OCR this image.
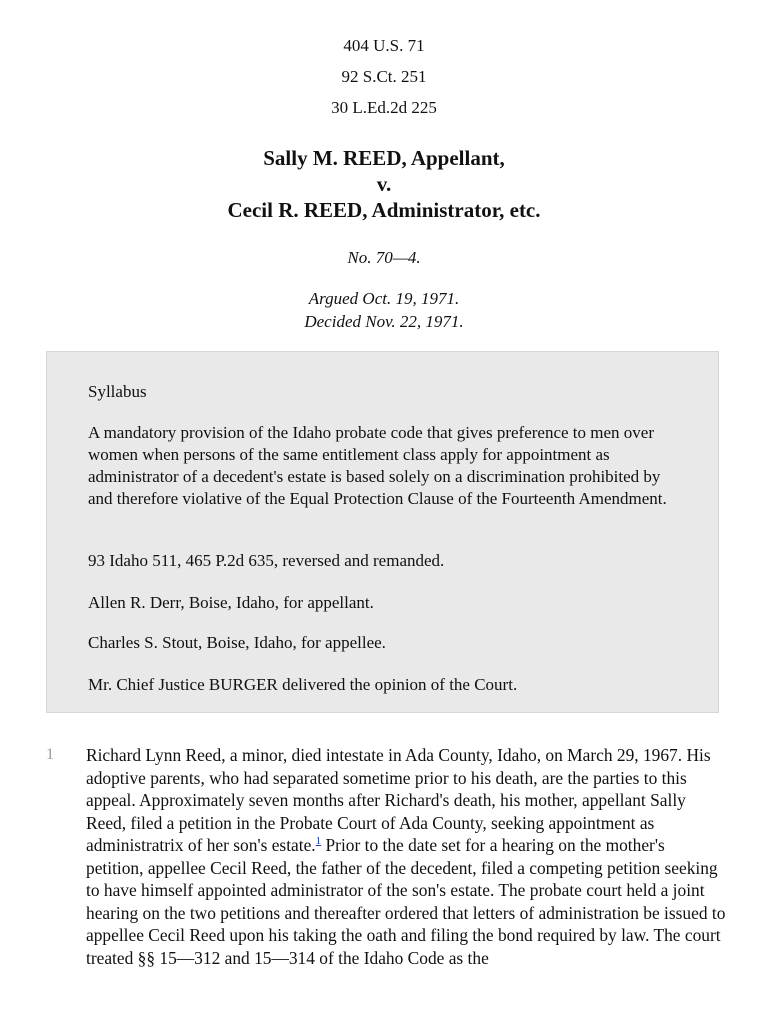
404 U.S. 71
92 S.Ct. 251
30 L.Ed.2d 225
Sally M. REED, Appellant,
v.
Cecil R. REED, Administrator, etc.
No. 70—4.
Argued Oct. 19, 1971.
Decided Nov. 22, 1971.

Syllabus

A mandatory provision of the Idaho probate code that gives preference to men over women when persons of the same entitlement class apply for appointment as administrator of a decedent's estate is based solely on a discrimination prohibited by and therefore violative of the Equal Protection Clause of the Fourteenth Amendment.

93 Idaho 511, 465 P.2d 635, reversed and remanded.

Allen R. Derr, Boise, Idaho, for appellant.

Charles S. Stout, Boise, Idaho, for appellee.

Mr. Chief Justice BURGER delivered the opinion of the Court.

1 Richard Lynn Reed, a minor, died intestate in Ada County, Idaho, on March 29, 1967. His adoptive parents, who had separated sometime prior to his death, are the parties to this appeal. Approximately seven months after Richard's death, his mother, appellant Sally Reed, filed a petition in the Probate Court of Ada County, seeking appointment as administratrix of her son's estate.$^1$ Prior to the date set for a hearing on the mother's petition, appellee Cecil Reed, the father of the decedent, filed a competing petition seeking to have himself appointed administrator of the son's estate. The probate court held a joint hearing on the two petitions and thereafter ordered that letters of administration be issued to appellee Cecil Reed upon his taking the oath and filing the bond required by law. The court treated §§ 15—312 and 15—314 of the Idaho Code as the
